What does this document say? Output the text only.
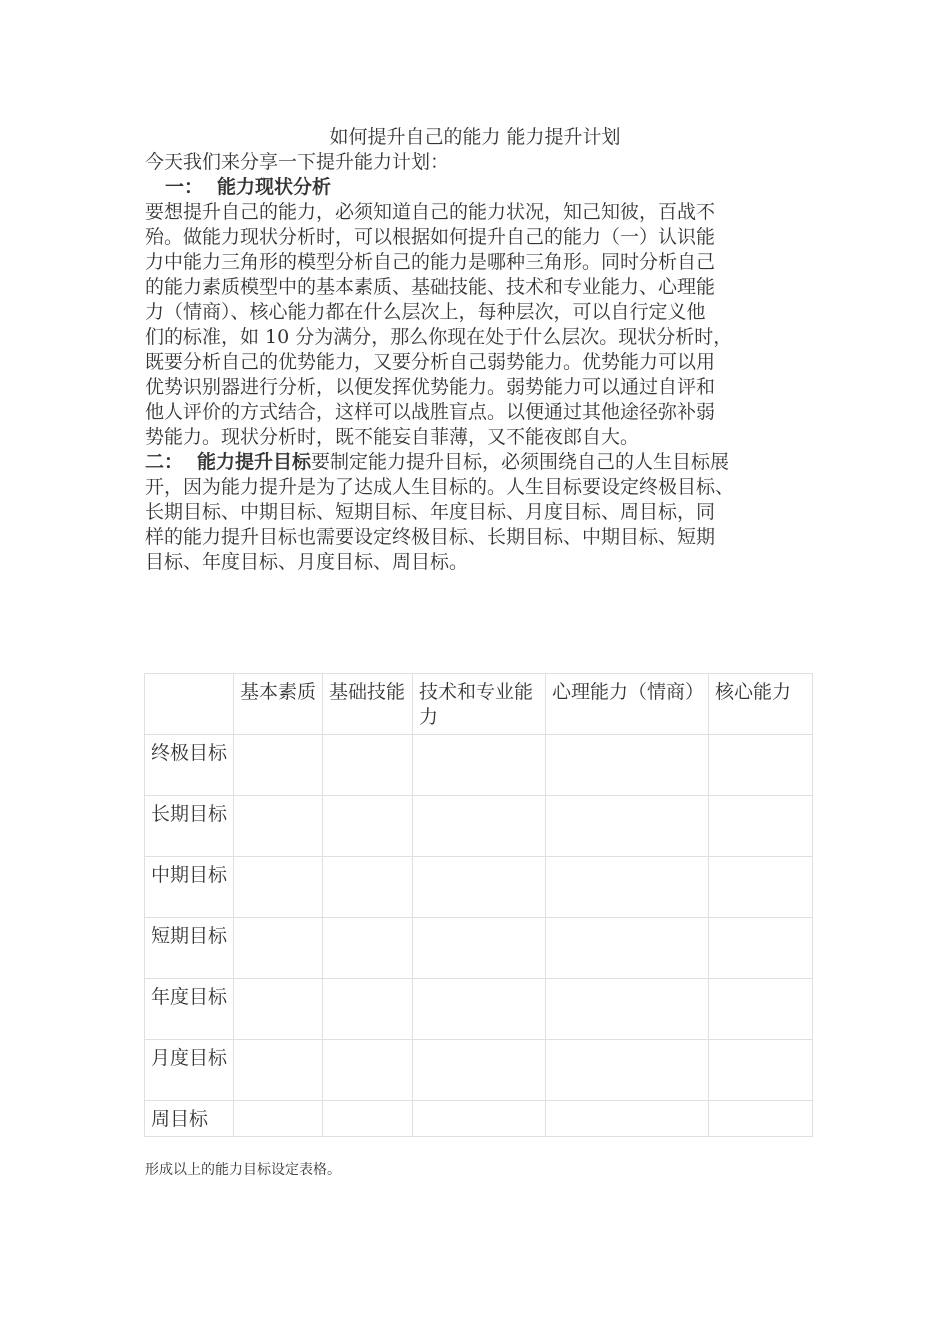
如何提升自己的能力 能力提升计划
今天我们来分享一下提升能力计划：
一： 能力现状分析
要想提升自己的能力，必须知道自己的能力状况，知己知彼，百战不
殆。做能力现状分析时，可以根据如何提升自己的能力（一）认识能
力中能力三角形的模型分析自己的能力是哪种三角形。同时分析自己
的能力素质模型中的基本素质、基础技能、技术和专业能力、心理能
力（情商）、核心能力都在什么层次上，每种层次，可以自行定义他
们的标准，如 10 分为满分，那么你现在处于什么层次。现状分析时，
既要分析自己的优势能力，又要分析自己弱势能力。优势能力可以用
优势识别器进行分析，以便发挥优势能力。弱势能力可以通过自评和
他人评价的方式结合，这样可以战胜盲点。以便通过其他途径弥补弱
势能力。现状分析时，既不能妄自菲薄，又不能夜郎自大。
二： 能力提升目标要制定能力提升目标，必须围绕自己的人生目标展
开，因为能力提升是为了达成人生目标的。人生目标要设定终极目标、
长期目标、中期目标、短期目标、年度目标、月度目标、周目标，同
样的能力提升目标也需要设定终极目标、长期目标、中期目标、短期
目标、年度目标、月度目标、周目标。
	基本素质	基础技能	技术和专业能力	心理能力（情商）	核心能力
终极目标					
长期目标					
中期目标					
短期目标					
年度目标					
月度目标					
周目标					
形成以上的能力目标设定表格。
